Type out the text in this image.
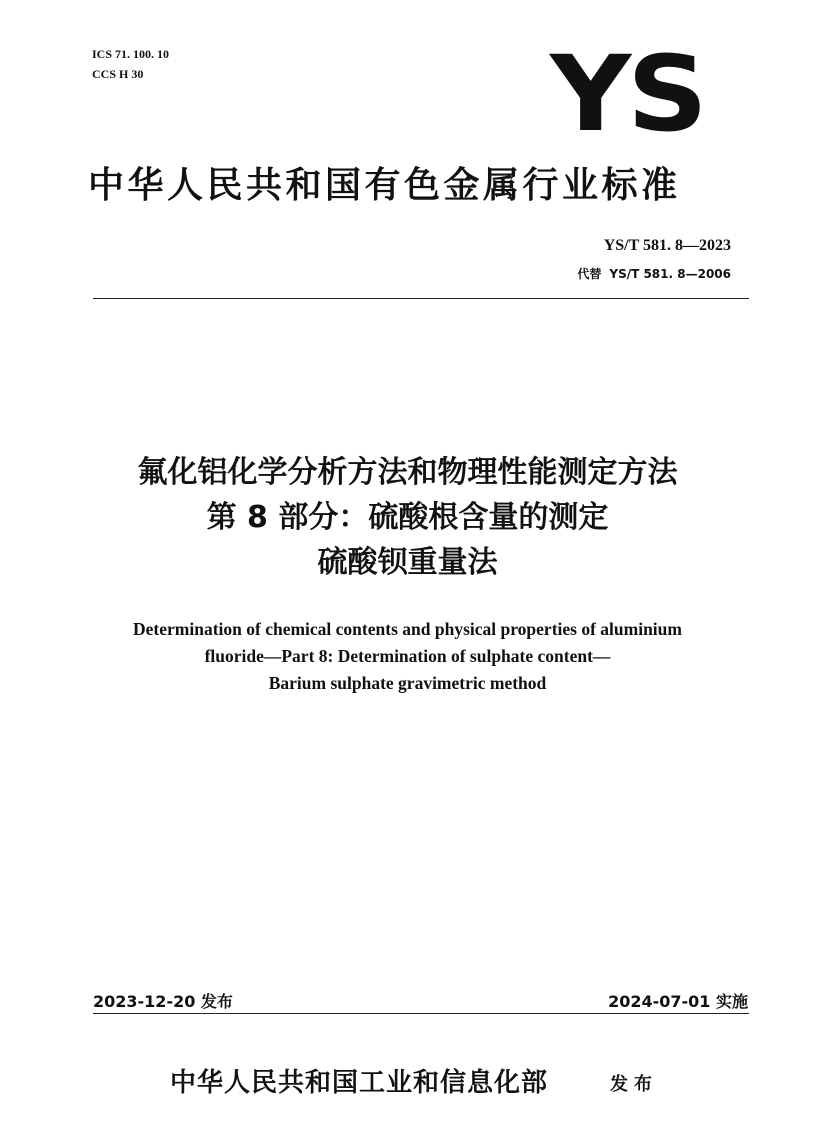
ICS 71. 100. 10
CCS H 30	YS
中华人民共和国有色金属行业标准
YS/T 581. 8—2023
代替 YS/T 581. 8—2006
氟化铝化学分析方法和物理性能测定方法
第 8 部分：硫酸根含量的测定
硫酸钡重量法
Determination of chemical contents and physical properties of aluminium
fluoride—Part 8: Determination of sulphate content—
Barium sulphate gravimetric method
2023-12-20 发布	2024-07-01 实施
中华人民共和国工业和信息化部	发布
